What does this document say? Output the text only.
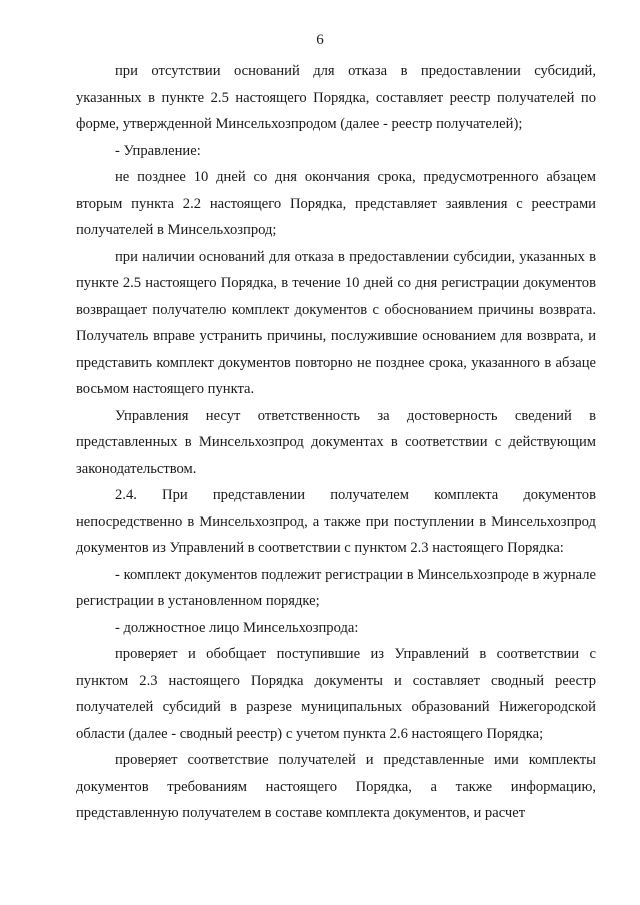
6

при отсутствии оснований для отказа в предоставлении субсидий, указанных в пункте 2.5 настоящего Порядка, составляет реестр получателей по форме, утвержденной Минсельхозпродом (далее - реестр получателей);

- Управление:

не позднее 10 дней со дня окончания срока, предусмотренного абзацем вторым пункта 2.2 настоящего Порядка, представляет заявления с реестрами получателей в Минсельхозпрод;

при наличии оснований для отказа в предоставлении субсидии, указанных в пункте 2.5 настоящего Порядка, в течение 10 дней со дня регистрации документов возвращает получателю комплект документов с обоснованием причины возврата. Получатель вправе устранить причины, послужившие основанием для возврата, и представить комплект документов повторно не позднее срока, указанного в абзаце восьмом настоящего пункта.

Управления несут ответственность за достоверность сведений в представленных в Минсельхозпрод документах в соответствии с действующим законодательством.

2.4. При представлении получателем комплекта документов непосредственно в Минсельхозпрод, а также при поступлении в Минсельхозпрод документов из Управлений в соответствии с пунктом 2.3 настоящего Порядка:

- комплект документов подлежит регистрации в Минсельхозпроде в журнале регистрации в установленном порядке;

- должностное лицо Минсельхозпрода:

проверяет и обобщает поступившие из Управлений в соответствии с пунктом 2.3 настоящего Порядка документы и составляет сводный реестр получателей субсидий в разрезе муниципальных образований Нижегородской области (далее - сводный реестр) с учетом пункта 2.6 настоящего Порядка;

проверяет соответствие получателей и представленные ими комплекты документов требованиям настоящего Порядка, а также информацию, представленную получателем в составе комплекта документов, и расчет
